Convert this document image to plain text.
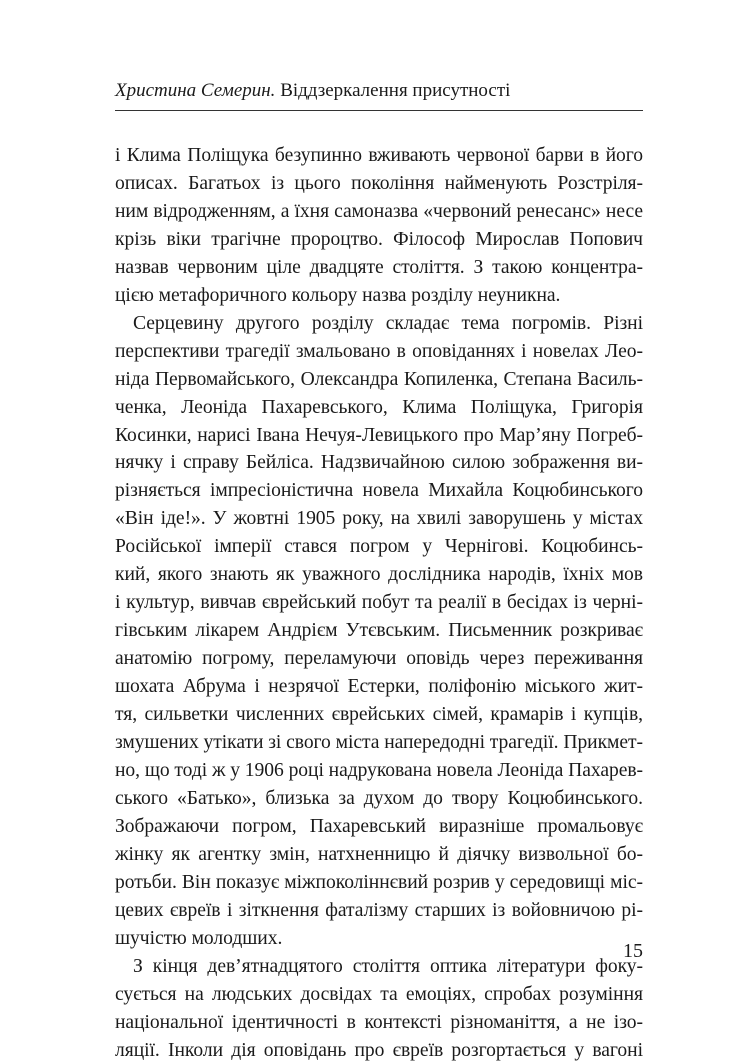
Христина Семерин. Віддзеркалення присутності

і Клима Поліщука безупинно вживають червоної барви в його
описах. Багатьох із цього покоління найменують Розстріля-
ним відродженням, а їхня самоназва «червоний ренесанс» несе
крізь віки трагічне пророцтво. Філософ Мирослав Попович
назвав червоним ціле двадцяте століття. З такою концентра-
цією метафоричного кольору назва розділу неуникна.

Серцевину другого розділу складає тема погромів. Різні
перспективи трагедії змальовано в оповіданнях і новелах Лео-
ніда Первомайського, Олександра Копиленка, Степана Василь-
ченка, Леоніда Пахаревського, Клима Поліщука, Григорія
Косинки, нарисі Івана Нечуя-Левицького про Мар’яну Погреб-
нячку і справу Бейліса. Надзвичайною силою зображення ви-
різняється імпресіоністична новела Михайла Коцюбинського
«Він іде!». У жовтні 1905 року, на хвилі заворушень у містах
Російської імперії стався погром у Чернігові. Коцюбинсь-
кий, якого знають як уважного дослідника народів, їхніх мов
і культур, вивчав єврейський побут та реалії в бесідах із черні-
гівським лікарем Андрієм Утєвським. Письменник розкриває
анатомію погрому, переламуючи оповідь через переживання
шохата Абрума і незрячої Естерки, поліфонію міського жит-
тя, сильветки численних єврейських сімей, крамарів і купців,
змушених утікати зі свого міста напередодні трагедії. Прикмет-
но, що тоді ж у 1906 році надрукована новела Леоніда Пахарев-
ського «Батько», близька за духом до твору Коцюбинського.
Зображаючи погром, Пахаревський виразніше промальовує
жінку як агентку змін, натхненницю й діячку визвольної бо-
ротьби. Він показує міжпоколіннєвий розрив у середовищі міс-
цевих євреїв і зіткнення фаталізму старших із войовничою рі-
шучістю молодших.

З кінця дев’ятнадцятого століття оптика літератури фоку-
сується на людських досвідах та емоціях, спробах розуміння
національної ідентичності в контексті різноманіття, а не ізо-
ляції. Інколи дія оповідань про євреїв розгортається у вагоні

15
